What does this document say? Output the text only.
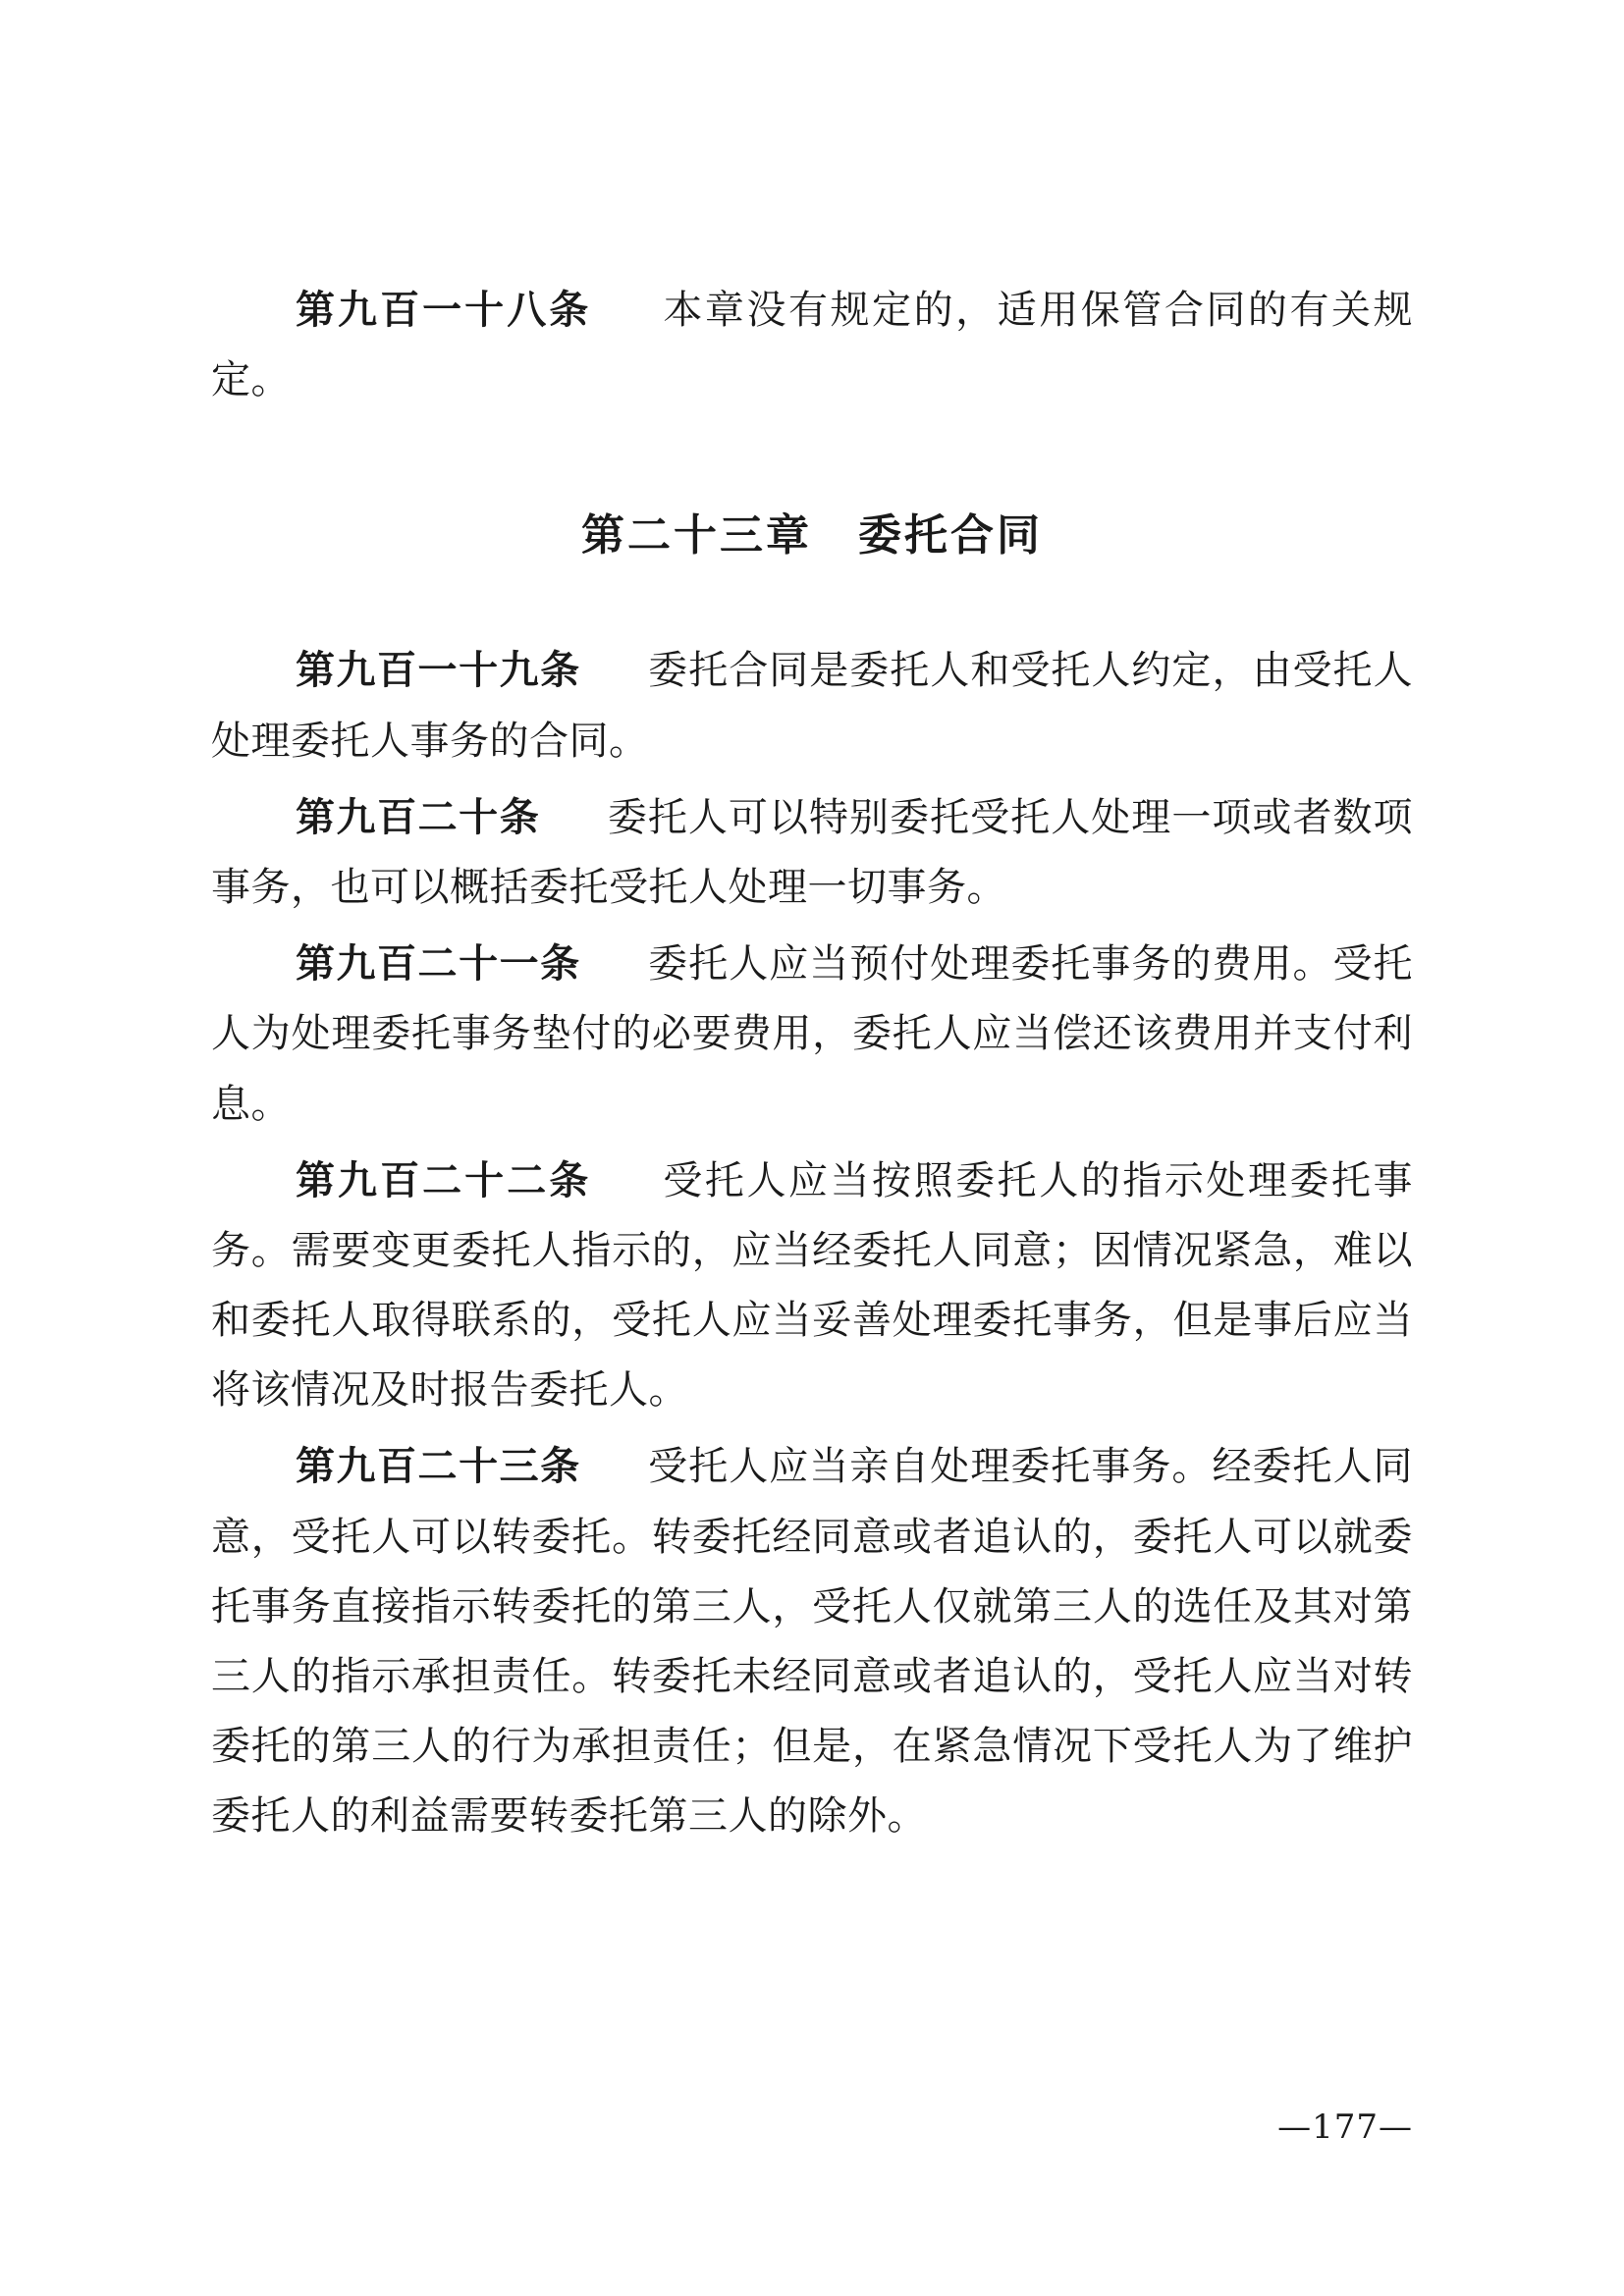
第九百一十八条 　 本章没有规定的，适用保管合同的有关规定。

第二十三章　委托合同

第九百一十九条 　 委托合同是委托人和受托人约定，由受托人处理委托人事务的合同。

第九百二十条 　 委托人可以特别委托受托人处理一项或者数项事务，也可以概括委托受托人处理一切事务。

第九百二十一条 　 委托人应当预付处理委托事务的费用。受托人为处理委托事务垫付的必要费用，委托人应当偿还该费用并支付利息。

第九百二十二条 　 受托人应当按照委托人的指示处理委托事务。需要变更委托人指示的，应当经委托人同意；因情况紧急，难以和委托人取得联系的，受托人应当妥善处理委托事务，但是事后应当将该情况及时报告委托人。

第九百二十三条 　 受托人应当亲自处理委托事务。经委托人同意，受托人可以转委托。转委托经同意或者追认的，委托人可以就委托事务直接指示转委托的第三人，受托人仅就第三人的选任及其对第三人的指示承担责任。转委托未经同意或者追认的，受托人应当对转委托的第三人的行为承担责任；但是，在紧急情况下受托人为了维护委托人的利益需要转委托第三人的除外。

—177—
